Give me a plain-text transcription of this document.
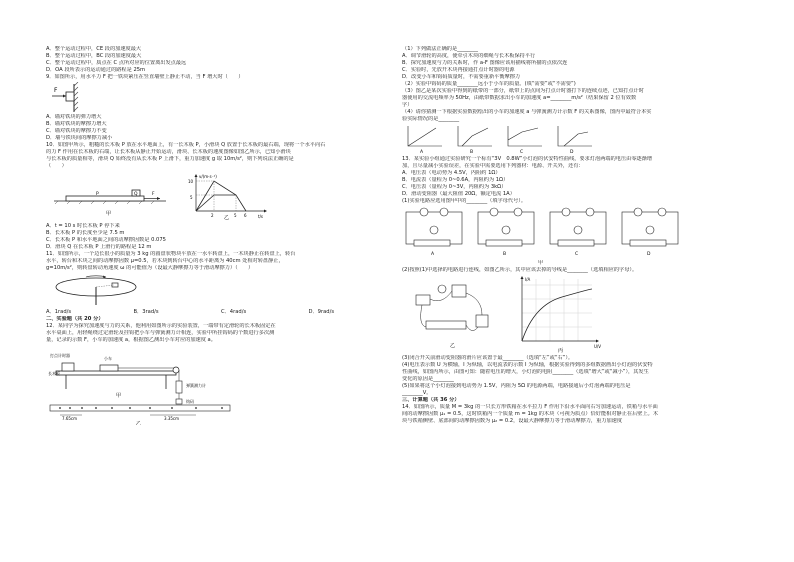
A．整个运动过程中，CE 段的加速度最大
B．整个运动过程中，BC 段的加速度最大
C．整个运动过程中，质点在 C 点所对应的位置离出发点最远
D．OA 段所表示的运动通过的路程是 25m
9．如图所示，用水平力 F 把一铁块紧压在竖直墙壁上静止不动，当 F 增大时（　　）
F
A．墙对铁块的弹力增大
B．墙对铁块的摩擦力增大
C．墙对铁块的摩擦力不变
D．墙与铁块间的摩擦力减小
10．如图甲所示，粗糙的长木板 P 放在水平地面上，有一长木板 P，小滑块 Q 放置于长木板的最右端，现将一个水平向右
的力 F 作用在长木板的右端，让长木板从静止开始运动，滑块、长木板的速度图像如图乙所示，已知小滑块
与长木板的质量相等，滑块 Q 始终没有从长木板 P 上滑下，重力加速度 g 取 10m/s²，则下列说法正确的是
（　　）
Q
P	F
甲
v/(m·s⁻¹)
t/s
10
5
2	5 6
乙
A．t = 10 s 时长木板 P 停下来
B．长木板 P 的长度至少是 7.5 m
C．长木板 P 和水平地面之间的动摩擦因数是 0.075
D．滑块 Q 在长木板 P 上滑行的路程是 12 m
11．如图所示，一个边长很小的质量为 3 kg 的圆盘状物块平放在一水平转盘上，一木块静止在转盘上，转台
水平，转台和木块之间的动摩擦因数 μ=0.5，若木块到转台中心的水平距离为 40cm 处相对转盘静止，
g=10m/s²，则转盘转动角速度 ω 的可能值为（设最大静摩擦力等于滑动摩擦力）（　　）
A．1rad/s	B．3rad/s	C．4rad/s	D．9rad/s
二、实验题（共 20 分）
12．某同学为探究加速度与力的关系，他利用如图所示的实验装置，一端带有定滑轮的长木板固定在
水平桌面上，用轻绳绕过定滑轮及挂钩把小车与弹簧测力计相连，实验中所挂钩码的个数进行多次测
量，记录的示数 F，小车的加速度 a，根据图乙测出小车对应的加速度 a。
打点计时器
小车
弹簧测力计
钩码
长木板
甲
7.65cm	3.35cm
乙
（1）下列做法正确的是________
A．调节滑轮的高度，使牵引木块的细绳与长木板保持平行
B．探究加速度与力的关系时，作 a-F 图像应该用描线将所描的点依次连
C．实验时，先放开木块再接通打点计时器的电源
D．改变小车和钩码质量时，不需要重新平衡摩擦力
（2）实验中钩码的质量________远小于小车的质量。(填“需要”或“不需要”)
（3）图乙是某次实验中得到的纸带的一部分，纸带上的点间为打点计时器打下的连续点迹，已知打点计时
器使用的交流电频率为 50Hz，由纸带数据求出小车的加速度 a=________m/s²（结果保留 2 位有效数
字）
（4）请你猜测一下根据实验数据绘出的小车的加速度 a 与弹簧测力计示数 F 的关系图像，图丙中最符合本实
验实际情况的是________
A	B	C	D
13．某实验小组通过实验研究一个标有“3V　0.8W”小灯泡的伏安特性曲线，要求灯泡两端的电压由零逐渐增
加，且尽量减小实验误差，在实验中需要选用下列器材：电源、开关外，还有：
A．电压表（电动势为 4.5V，内阻约 1Ω）
B．电流表（量程为 0~0.6A，内阻约为 1Ω）
C．电压表（量程为 0~3V，内阻约为 3kΩ）
D．滑动变阻器（最大阻值 20Ω，额定电流 1A）
(1)实验电路应选用图甲中的________（填字母代号）。
A	B	C	D
甲
(2)按照(1)中选择的电路进行连线，如图乙所示，其中应该去掉的导线是________（选填相应的字母）。
乙
I/A
U/V
丙
(3)闭合开关前滑动变阻器的滑片应该置于最________（选填“左”或“右”）。
(4)电压表示数 U 为横轴，I 为纵轴，以电流表的示数 I 为纵轴，根据实验得到的多组数据画出小灯泡的伏安特
性曲线，如图丙所示，由图可知：随着电压的增大，小灯泡的电阻________（选填“增大”或“减小”），其发生
变化的原因是________
(5)如果将这个小灯泡接到电动势为 1.5V，内阻为 5Ω 的电源两端，电路接通后小灯泡两端的电压是
________V。
三、计算题（共 36 分）
14．如图所示，质量 M = 3kg 的一只长方形铁箱在水平拉力 F 作用下沿水平面向右匀加速运动，铁箱与水平面
间的动摩擦因数 μ₁ = 0.5，这时铁箱内一个质量 m = 1kg 的木块（可视为质点）恰好能相对静止在后壁上。木
块与铁箱侧壁、底部间的动摩擦因数为 μ₂ = 0.2，设最大静摩擦力等于滑动摩擦力，重力加速度
